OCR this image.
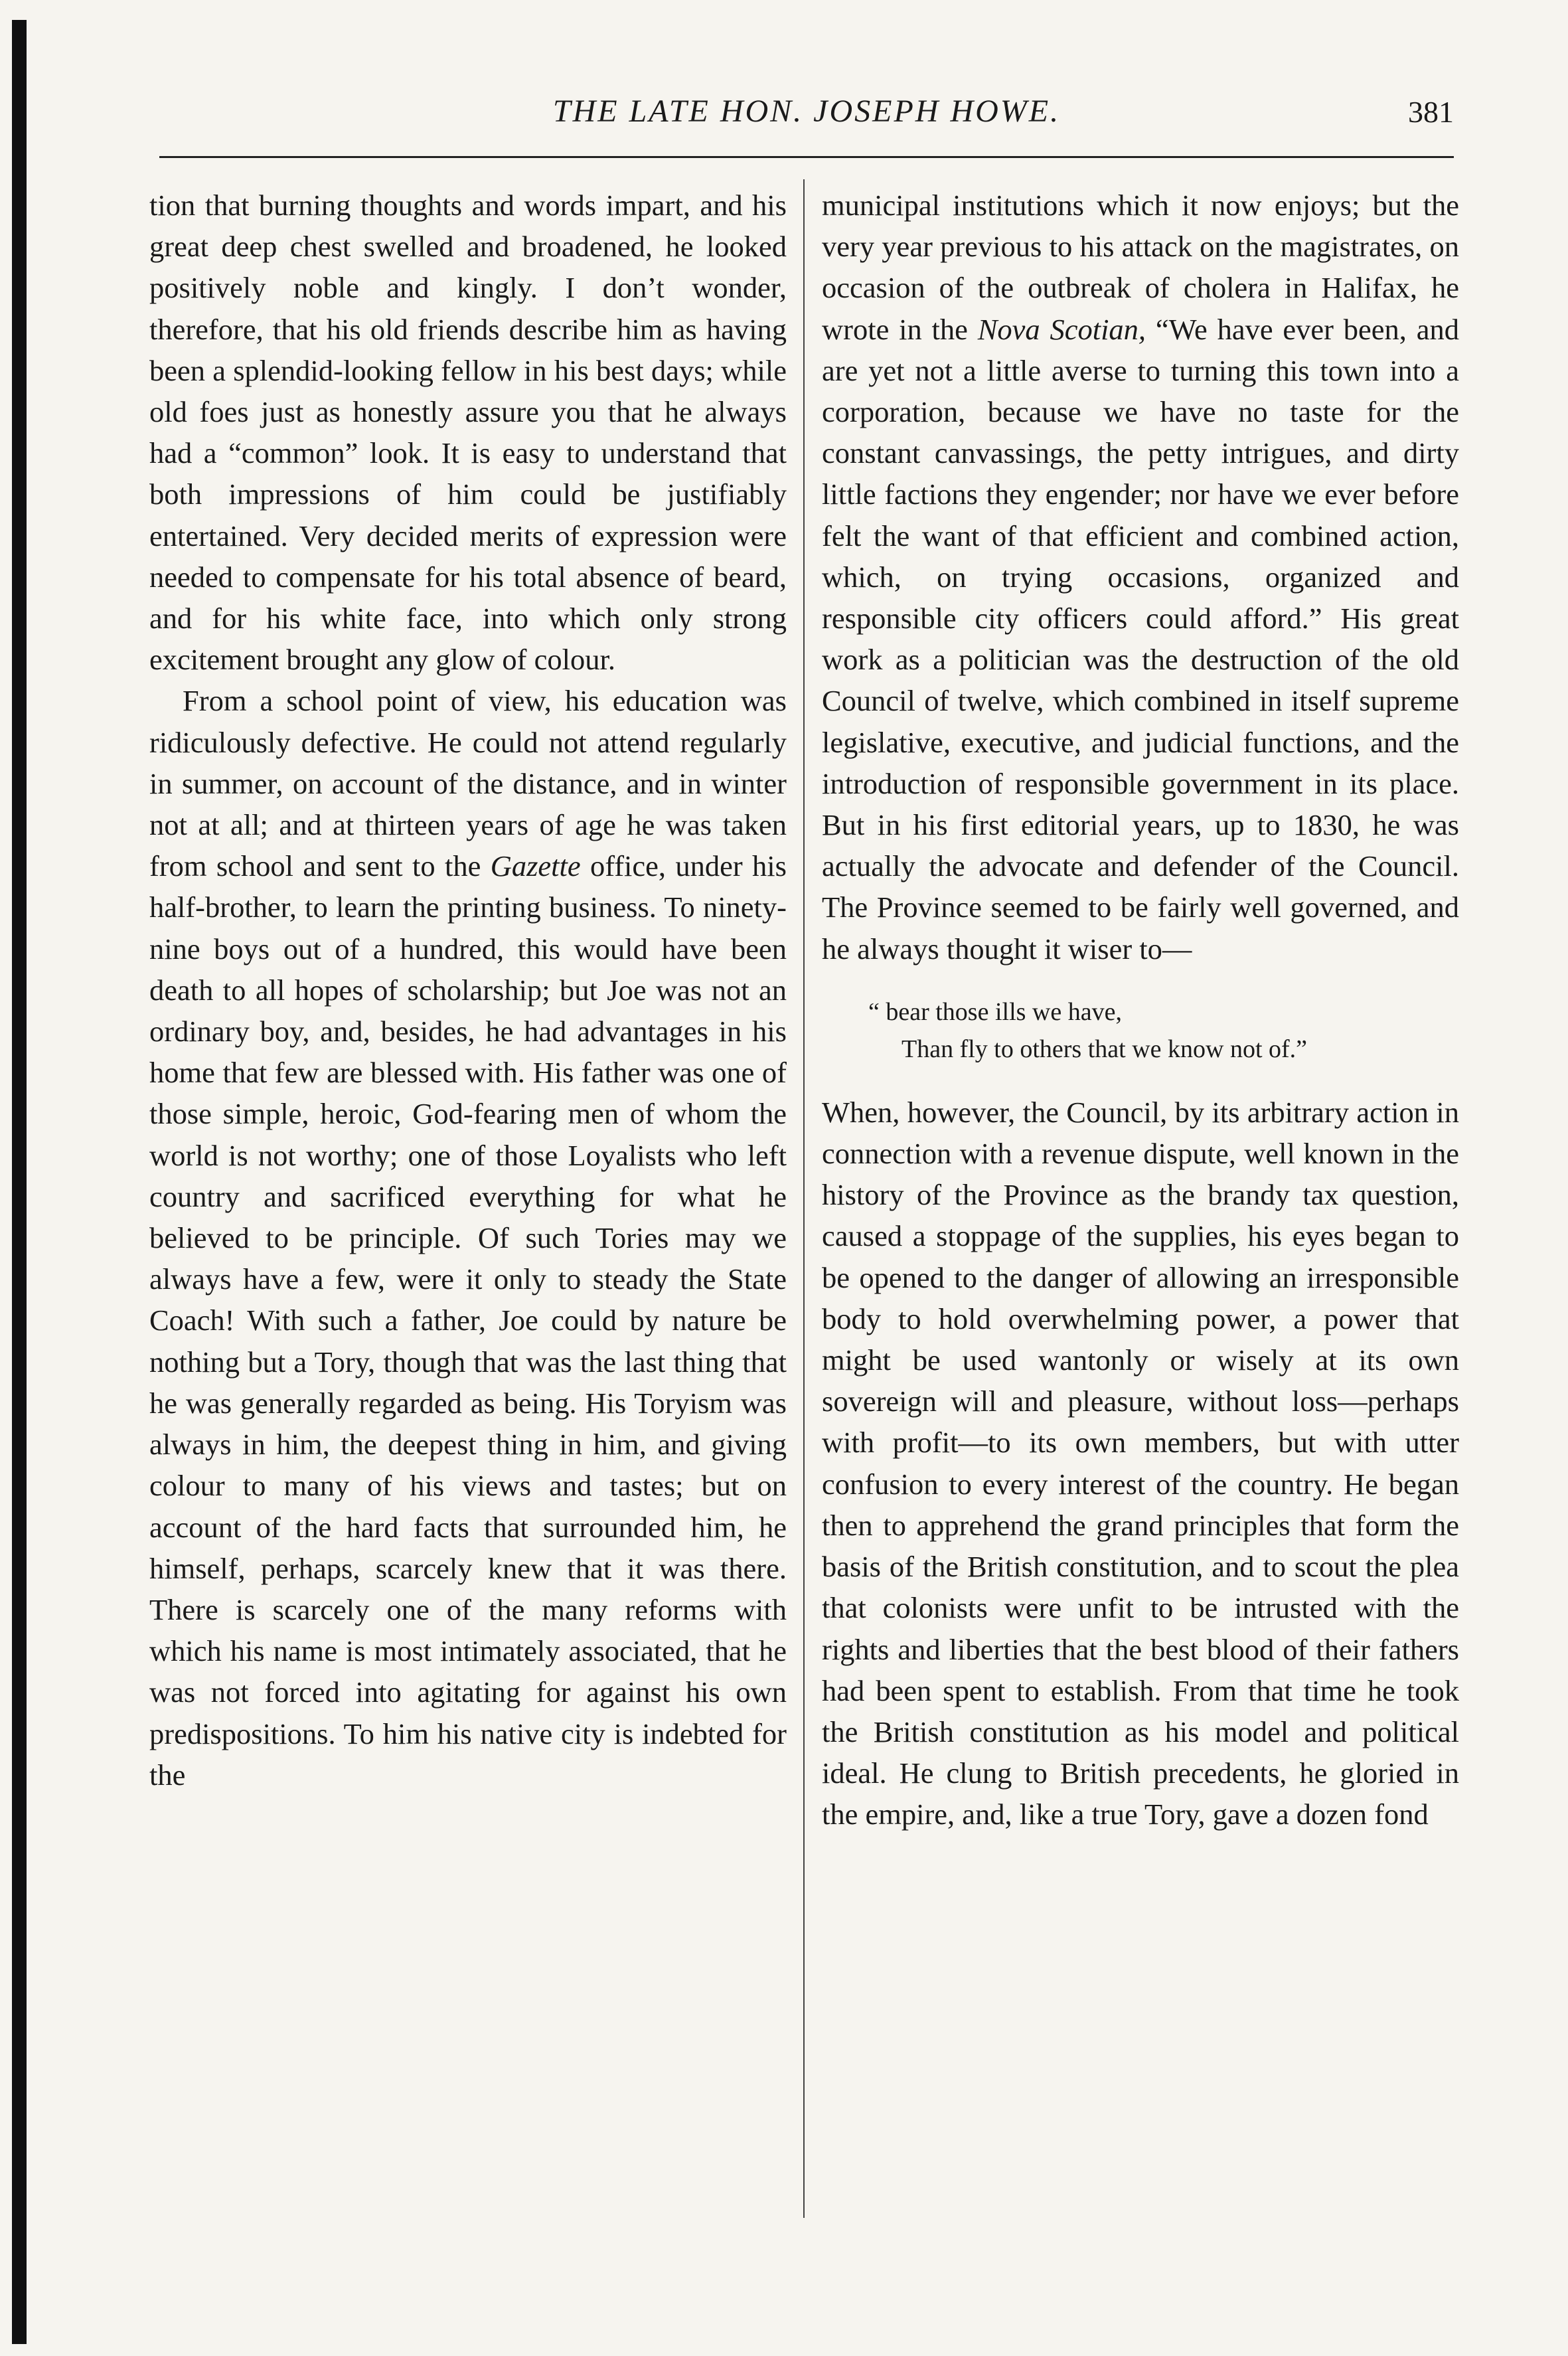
THE LATE HON. JOSEPH HOWE.	381

tion that burning thoughts and words impart, and his great deep chest swelled and broadened, he looked positively noble and kingly. I don’t wonder, therefore, that his old friends describe him as having been a splendid-looking fellow in his best days; while old foes just as honestly assure you that he always had a “common” look. It is easy to understand that both impressions of him could be justifiably entertained. Very decided merits of expression were needed to compensate for his total absence of beard, and for his white face, into which only strong excitement brought any glow of colour.

From a school point of view, his education was ridiculously defective. He could not attend regularly in summer, on account of the distance, and in winter not at all; and at thirteen years of age he was taken from school and sent to the Gazette office, under his half-brother, to learn the printing business. To ninety-nine boys out of a hundred, this would have been death to all hopes of scholarship; but Joe was not an ordinary boy, and, besides, he had advantages in his home that few are blessed with. His father was one of those simple, heroic, God-fearing men of whom the world is not worthy; one of those Loyalists who left country and sacrificed everything for what he believed to be principle. Of such Tories may we always have a few, were it only to steady the State Coach! With such a father, Joe could by nature be nothing but a Tory, though that was the last thing that he was generally regarded as being. His Toryism was always in him, the deepest thing in him, and giving colour to many of his views and tastes; but on account of the hard facts that surrounded him, he himself, perhaps, scarcely knew that it was there. There is scarcely one of the many reforms with which his name is most intimately associated, that he was not forced into agitating for against his own predispositions. To him his native city is indebted for the

municipal institutions which it now enjoys; but the very year previous to his attack on the magistrates, on occasion of the outbreak of cholera in Halifax, he wrote in the Nova Scotian, “We have ever been, and are yet not a little averse to turning this town into a corporation, because we have no taste for the constant canvassings, the petty intrigues, and dirty little factions they engender; nor have we ever before felt the want of that efficient and combined action, which, on trying occasions, organized and responsible city officers could afford.” His great work as a politician was the destruction of the old Council of twelve, which combined in itself supreme legislative, executive, and judicial functions, and the introduction of responsible government in its place. But in his first editorial years, up to 1830, he was actually the advocate and defender of the Council. The Province seemed to be fairly well governed, and he always thought it wiser to—

“ bear those ills we have,
Than fly to others that we know not of.”

When, however, the Council, by its arbitrary action in connection with a revenue dispute, well known in the history of the Province as the brandy tax question, caused a stoppage of the supplies, his eyes began to be opened to the danger of allowing an irresponsible body to hold overwhelming power, a power that might be used wantonly or wisely at its own sovereign will and pleasure, without loss—perhaps with profit—to its own members, but with utter confusion to every interest of the country. He began then to apprehend the grand principles that form the basis of the British constitution, and to scout the plea that colonists were unfit to be intrusted with the rights and liberties that the best blood of their fathers had been spent to establish. From that time he took the British constitution as his model and political ideal. He clung to British precedents, he gloried in the empire, and, like a true Tory, gave a dozen fond
